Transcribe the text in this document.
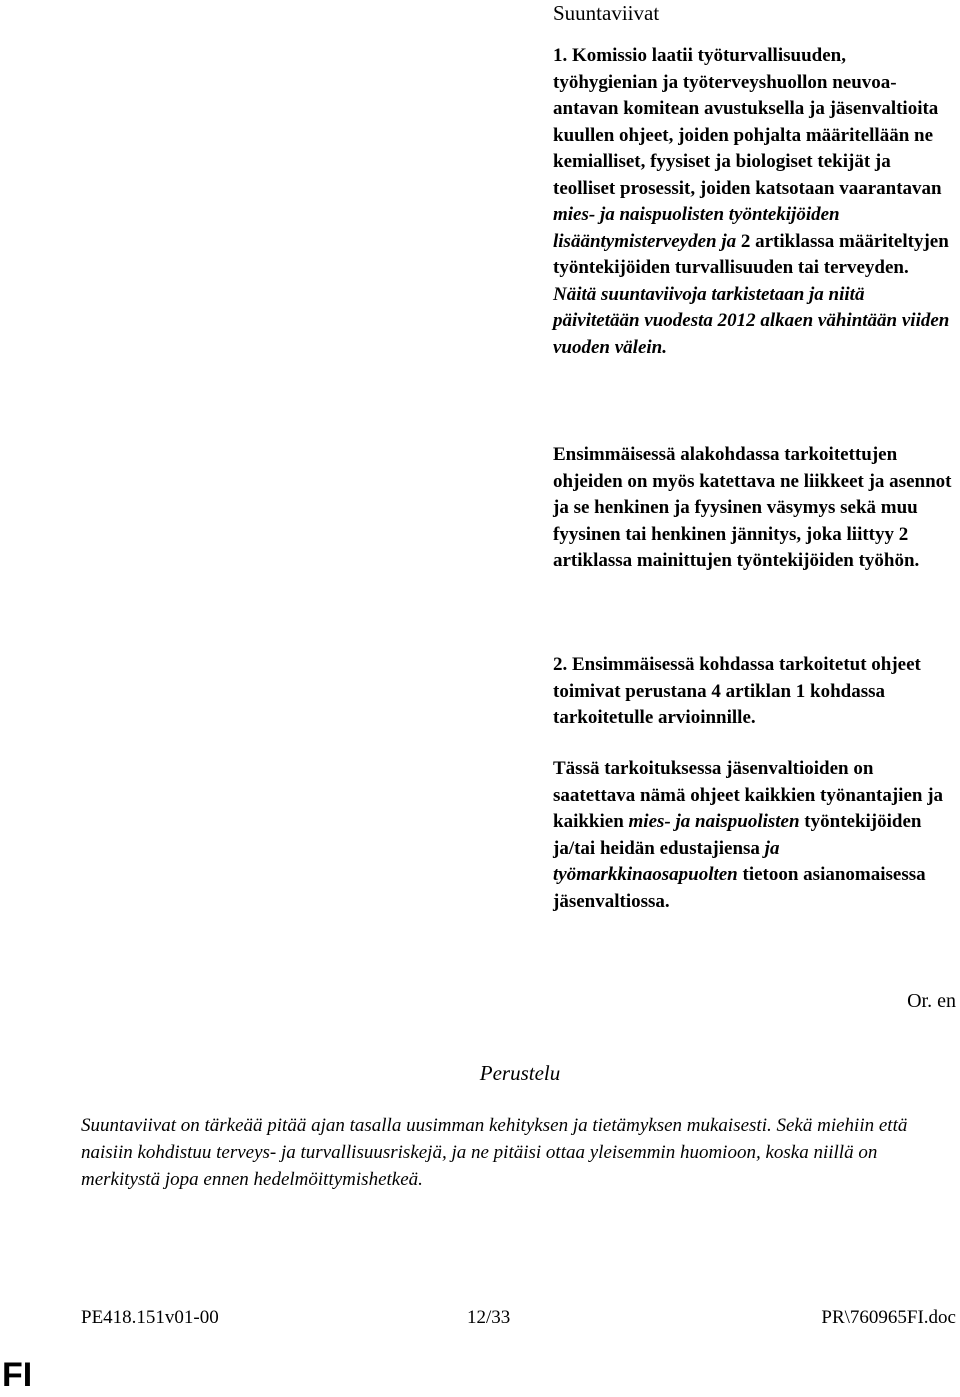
Suuntaviivat

1. Komissio laatii työturvallisuuden, työhygienian ja työterveyshuollon neuvoa-antavan komitean avustuksella ja jäsenvaltioita kuullen ohjeet, joiden pohjalta määritellään ne kemialliset, fyysiset ja biologiset tekijät ja teolliset prosessit, joiden katsotaan vaarantavan mies- ja naispuolisten työntekijöiden lisääntymisterveyden ja 2 artiklassa määriteltyjen työntekijöiden turvallisuuden tai terveyden. Näitä suuntaviivoja tarkistetaan ja niitä päivitetään vuodesta 2012 alkaen vähintään viiden vuoden välein.

Ensimmäisessä alakohdassa tarkoitettujen ohjeiden on myös katettava ne liikkeet ja asennot ja se henkinen ja fyysinen väsymys sekä muu fyysinen tai henkinen jännitys, joka liittyy 2 artiklassa mainittujen työntekijöiden työhön.

2. Ensimmäisessä kohdassa tarkoitetut ohjeet toimivat perustana 4 artiklan 1 kohdassa tarkoitetulle arvioinnille.

Tässä tarkoituksessa jäsenvaltioiden on saatettava nämä ohjeet kaikkien työnantajien ja kaikkien mies- ja naispuolisten työntekijöiden ja/tai heidän edustajiensa ja työmarkkinaosapuolten tietoon asianomaisessa jäsenvaltiossa.

Or. en
Perustelu
Suuntaviivat on tärkeää pitää ajan tasalla uusimman kehityksen ja tietämyksen mukaisesti. Sekä miehiin että naisiin kohdistuu terveys- ja turvallisuusriskejä, ja ne pitäisi ottaa yleisemmin huomioon, koska niillä on merkitystä jopa ennen hedelmöittymishetkeä.
PE418.151v01-00	12/33	PR\760965FI.doc
FI
